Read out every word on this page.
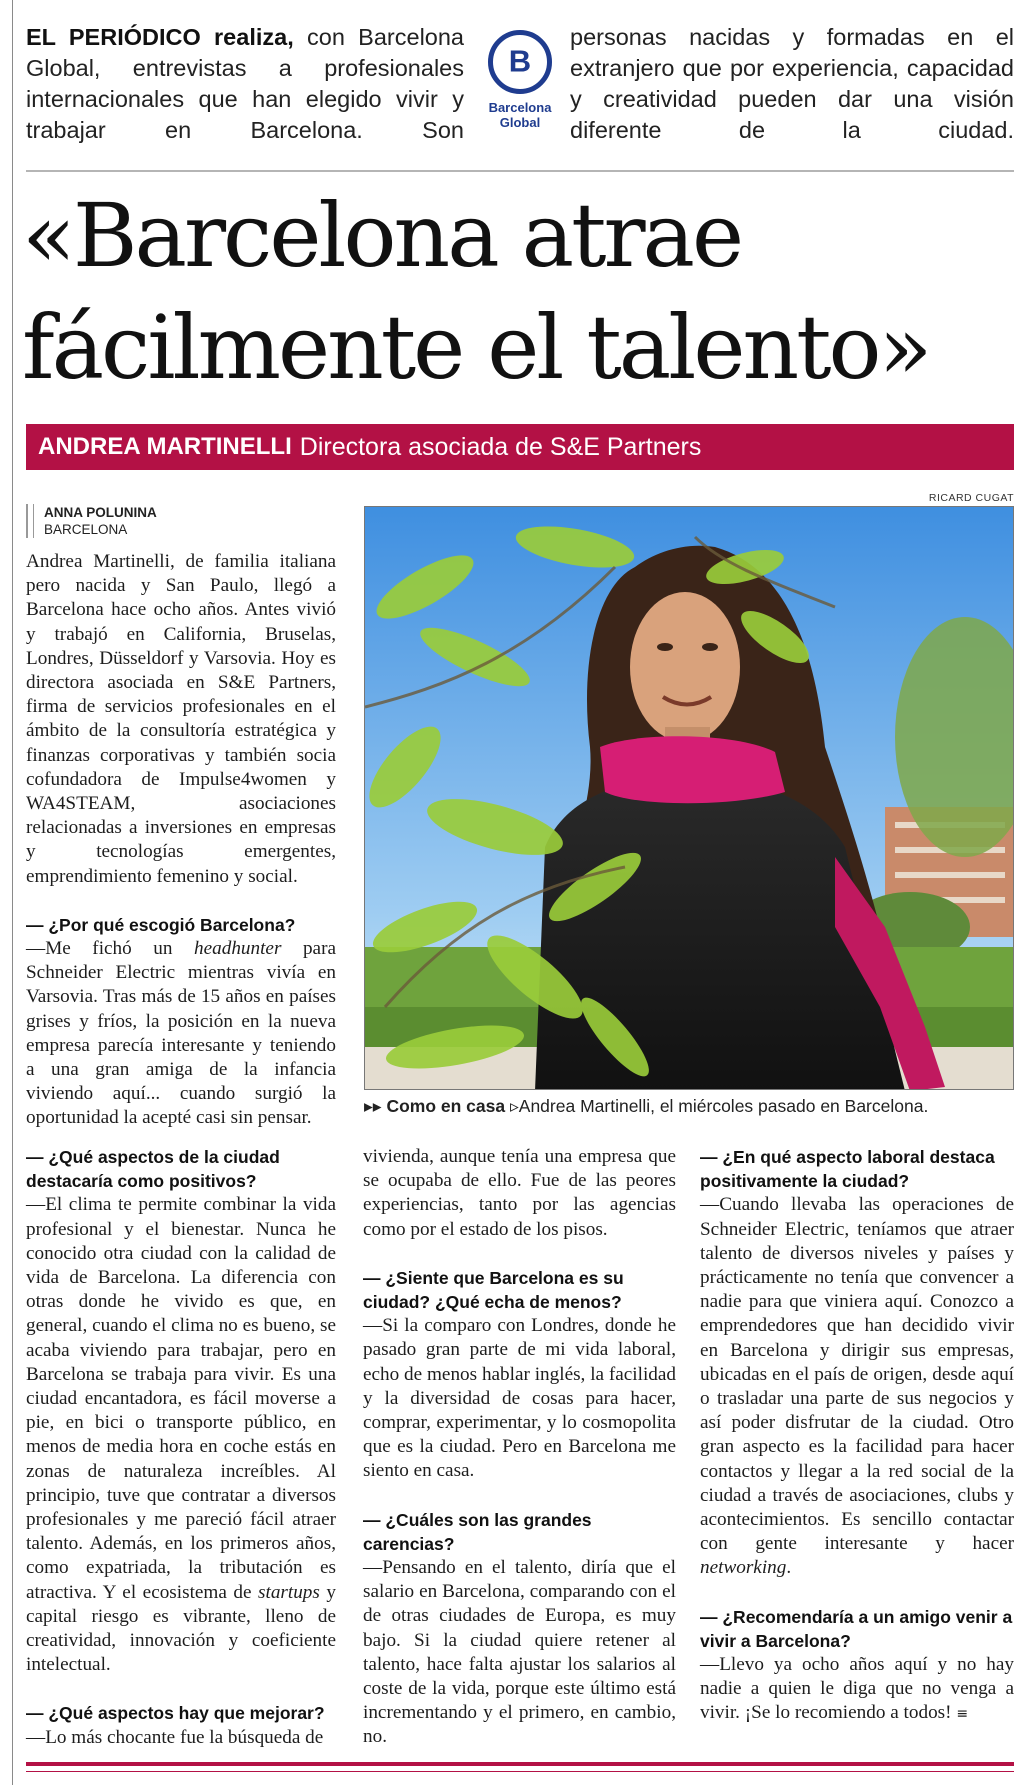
EL PERIÓDICO realiza, con Barcelona Global, entrevistas a profesionales internacionales que han elegido vivir y trabajar en Barcelona. Son
B
Barcelona
Global
personas nacidas y formadas en el extranjero que por experiencia, capacidad y creatividad pueden dar una visión diferente de la ciudad.
«Barcelona atrae
fácilmente el talento»
ANDREA MARTINELLI Directora asociada de S&E Partners
ANNA POLUNINA
BARCELONA

Andrea Martinelli, de familia italiana pero nacida y San Paulo, llegó a Barcelona hace ocho años. Antes vivió y trabajó en California, Bruselas, Londres, Düsseldorf y Varsovia. Hoy es directora asociada en S&E Partners, firma de servicios profesionales en el ámbito de la consultoría estratégica y finanzas corporativas y también socia cofundadora de Impulse4women y WA4STEAM, asociaciones relacionadas a inversiones en empresas y tecnologías emergentes, emprendimiento femenino y social.

— ¿Por qué escogió Barcelona?
—Me fichó un headhunter para Schneider Electric mientras vivía en Varsovia. Tras más de 15 años en países grises y fríos, la posición en la nueva empresa parecía interesante y teniendo a una gran amiga de la infancia viviendo aquí... cuando surgió la oportunidad la acepté casi sin pensar.

RICARD CUGAT
▸▸ Como en casa ▹Andrea Martinelli, el miércoles pasado en Barcelona.

— ¿Qué aspectos de la ciudad destacaría como positivos?
—El clima te permite combinar la vida profesional y el bienestar. Nunca he conocido otra ciudad con la calidad de vida de Barcelona. La diferencia con otras donde he vivido es que, en general, cuando el clima no es bueno, se acaba viviendo para trabajar, pero en Barcelona se trabaja para vivir. Es una ciudad encantadora, es fácil moverse a pie, en bici o transporte público, en menos de media hora en coche estás en zonas de naturaleza increíbles. Al principio, tuve que contratar a diversos profesionales y me pareció fácil atraer talento. Además, en los primeros años, como expatriada, la tributación es atractiva. Y el ecosistema de startups y capital riesgo es vibrante, lleno de creatividad, innovación y coeficiente intelectual.

— ¿Qué aspectos hay que mejorar?
—Lo más chocante fue la búsqueda de

vivienda, aunque tenía una empresa que se ocupaba de ello. Fue de las peores experiencias, tanto por las agencias como por el estado de los pisos.

— ¿Siente que Barcelona es su ciudad? ¿Qué echa de menos?
—Si la comparo con Londres, donde he pasado gran parte de mi vida laboral, echo de menos hablar inglés, la facilidad y la diversidad de cosas para hacer, comprar, experimentar, y lo cosmopolita que es la ciudad. Pero en Barcelona me siento en casa.

— ¿Cuáles son las grandes carencias?
—Pensando en el talento, diría que el salario en Barcelona, comparando con el de otras ciudades de Europa, es muy bajo. Si la ciudad quiere retener al talento, hace falta ajustar los salarios al coste de la vida, porque este último está incrementando y el primero, en cambio, no.

— ¿En qué aspecto laboral destaca positivamente la ciudad?
—Cuando llevaba las operaciones de Schneider Electric, teníamos que atraer talento de diversos niveles y países y prácticamente no tenía que convencer a nadie para que viniera aquí. Conozco a emprendedores que han decidido vivir en Barcelona y dirigir sus empresas, ubicadas en el país de origen, desde aquí o trasladar una parte de sus negocios y así poder disfrutar de la ciudad. Otro gran aspecto es la facilidad para hacer contactos y llegar a la red social de la ciudad a través de asociaciones, clubs y acontecimientos. Es sencillo contactar con gente interesante y hacer networking.

— ¿Recomendaría a un amigo venir a vivir a Barcelona?
—Llevo ya ocho años aquí y no hay nadie a quien le diga que no venga a vivir. ¡Se lo recomiendo a todos! ≡
